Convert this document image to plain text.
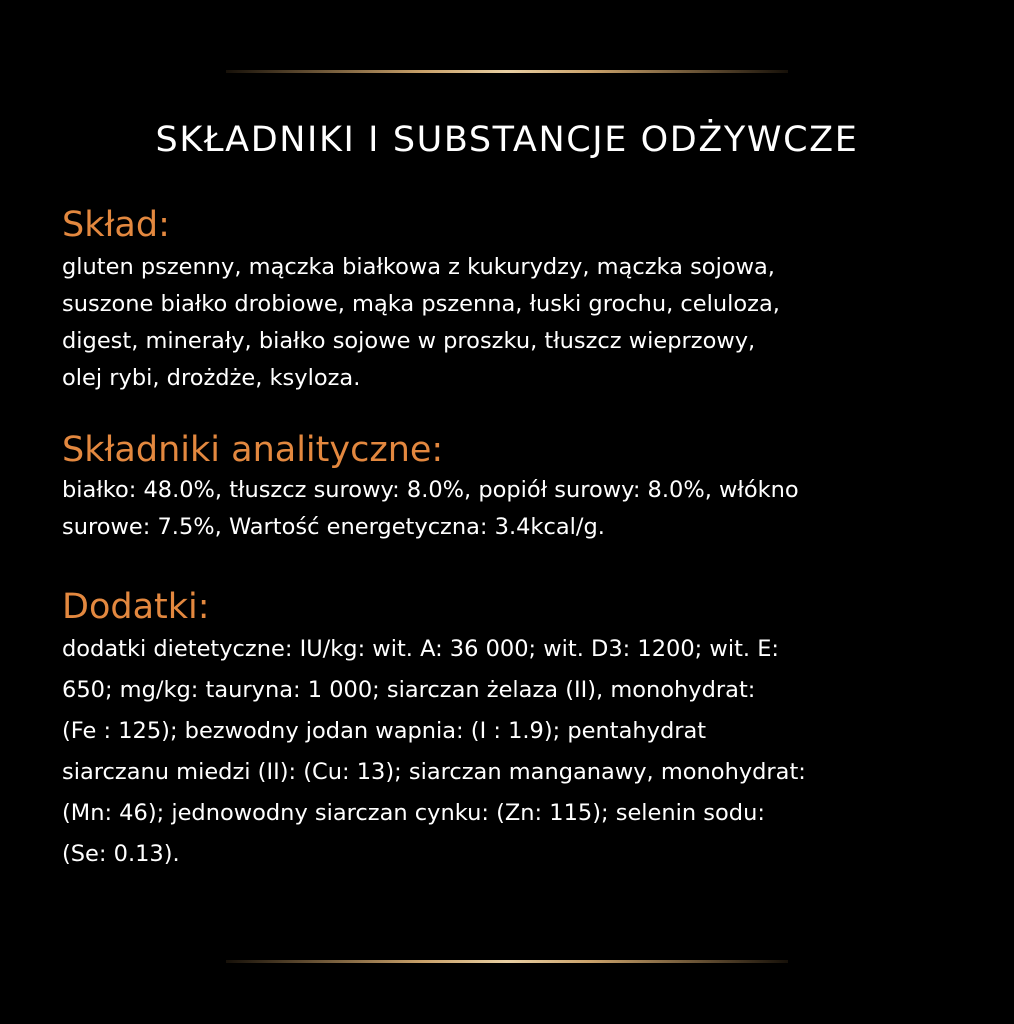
SKŁADNIKI I SUBSTANCJE ODŻYWCZE
Skład:
gluten pszenny, mączka białkowa z kukurydzy, mączka sojowa,
suszone białko drobiowe, mąka pszenna, łuski grochu, celuloza,
digest, minerały, białko sojowe w proszku, tłuszcz wieprzowy,
olej rybi, drożdże, ksyloza.
Składniki analityczne:
białko: 48.0%, tłuszcz surowy: 8.0%, popiół surowy: 8.0%, włókno
surowe: 7.5%, Wartość energetyczna: 3.4kcal/g.
Dodatki:
dodatki dietetyczne: IU/kg: wit. A: 36 000; wit. D3: 1200; wit. E:
650; mg/kg: tauryna: 1 000; siarczan żelaza (II), monohydrat:
(Fe : 125); bezwodny jodan wapnia: (I : 1.9); pentahydrat
siarczanu miedzi (II): (Cu: 13); siarczan manganawy, monohydrat:
(Mn: 46); jednowodny siarczan cynku: (Zn: 115); selenin sodu:
(Se: 0.13).
